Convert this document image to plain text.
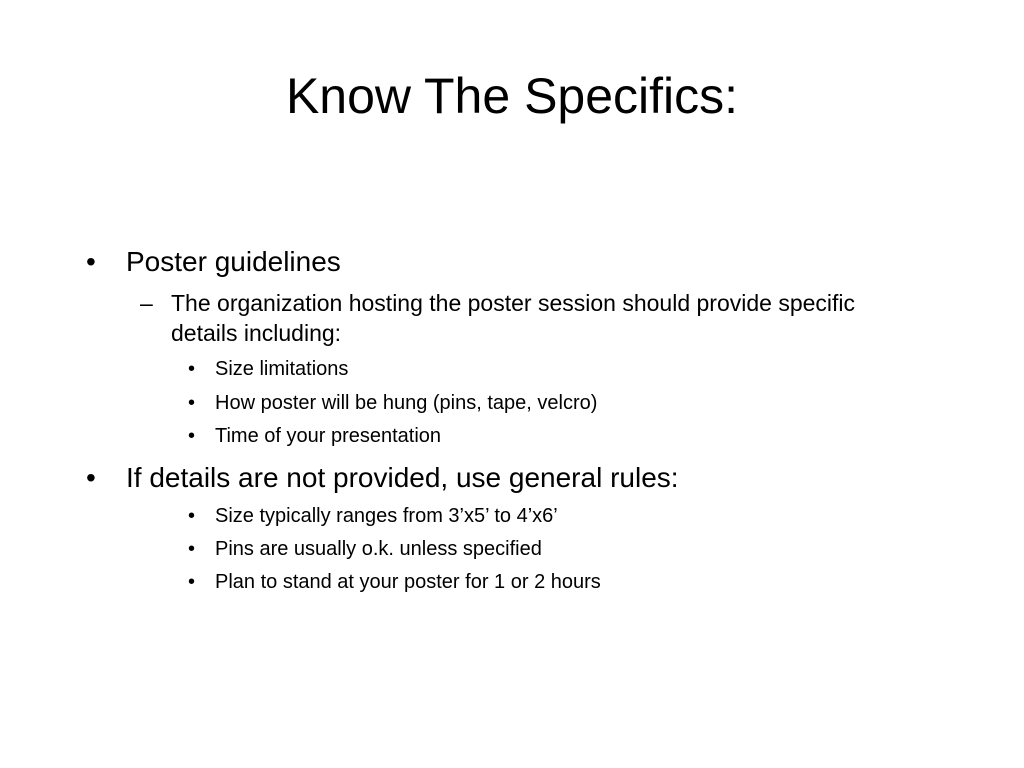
Know The Specifics:
• Poster guidelines
– The organization hosting the poster session should provide specific
details including:
• Size limitations
• How poster will be hung (pins, tape, velcro)
• Time of your presentation
• If details are not provided, use general rules:
• Size typically ranges from 3’x5’ to 4’x6’
• Pins are usually o.k. unless specified
• Plan to stand at your poster for 1 or 2 hours
